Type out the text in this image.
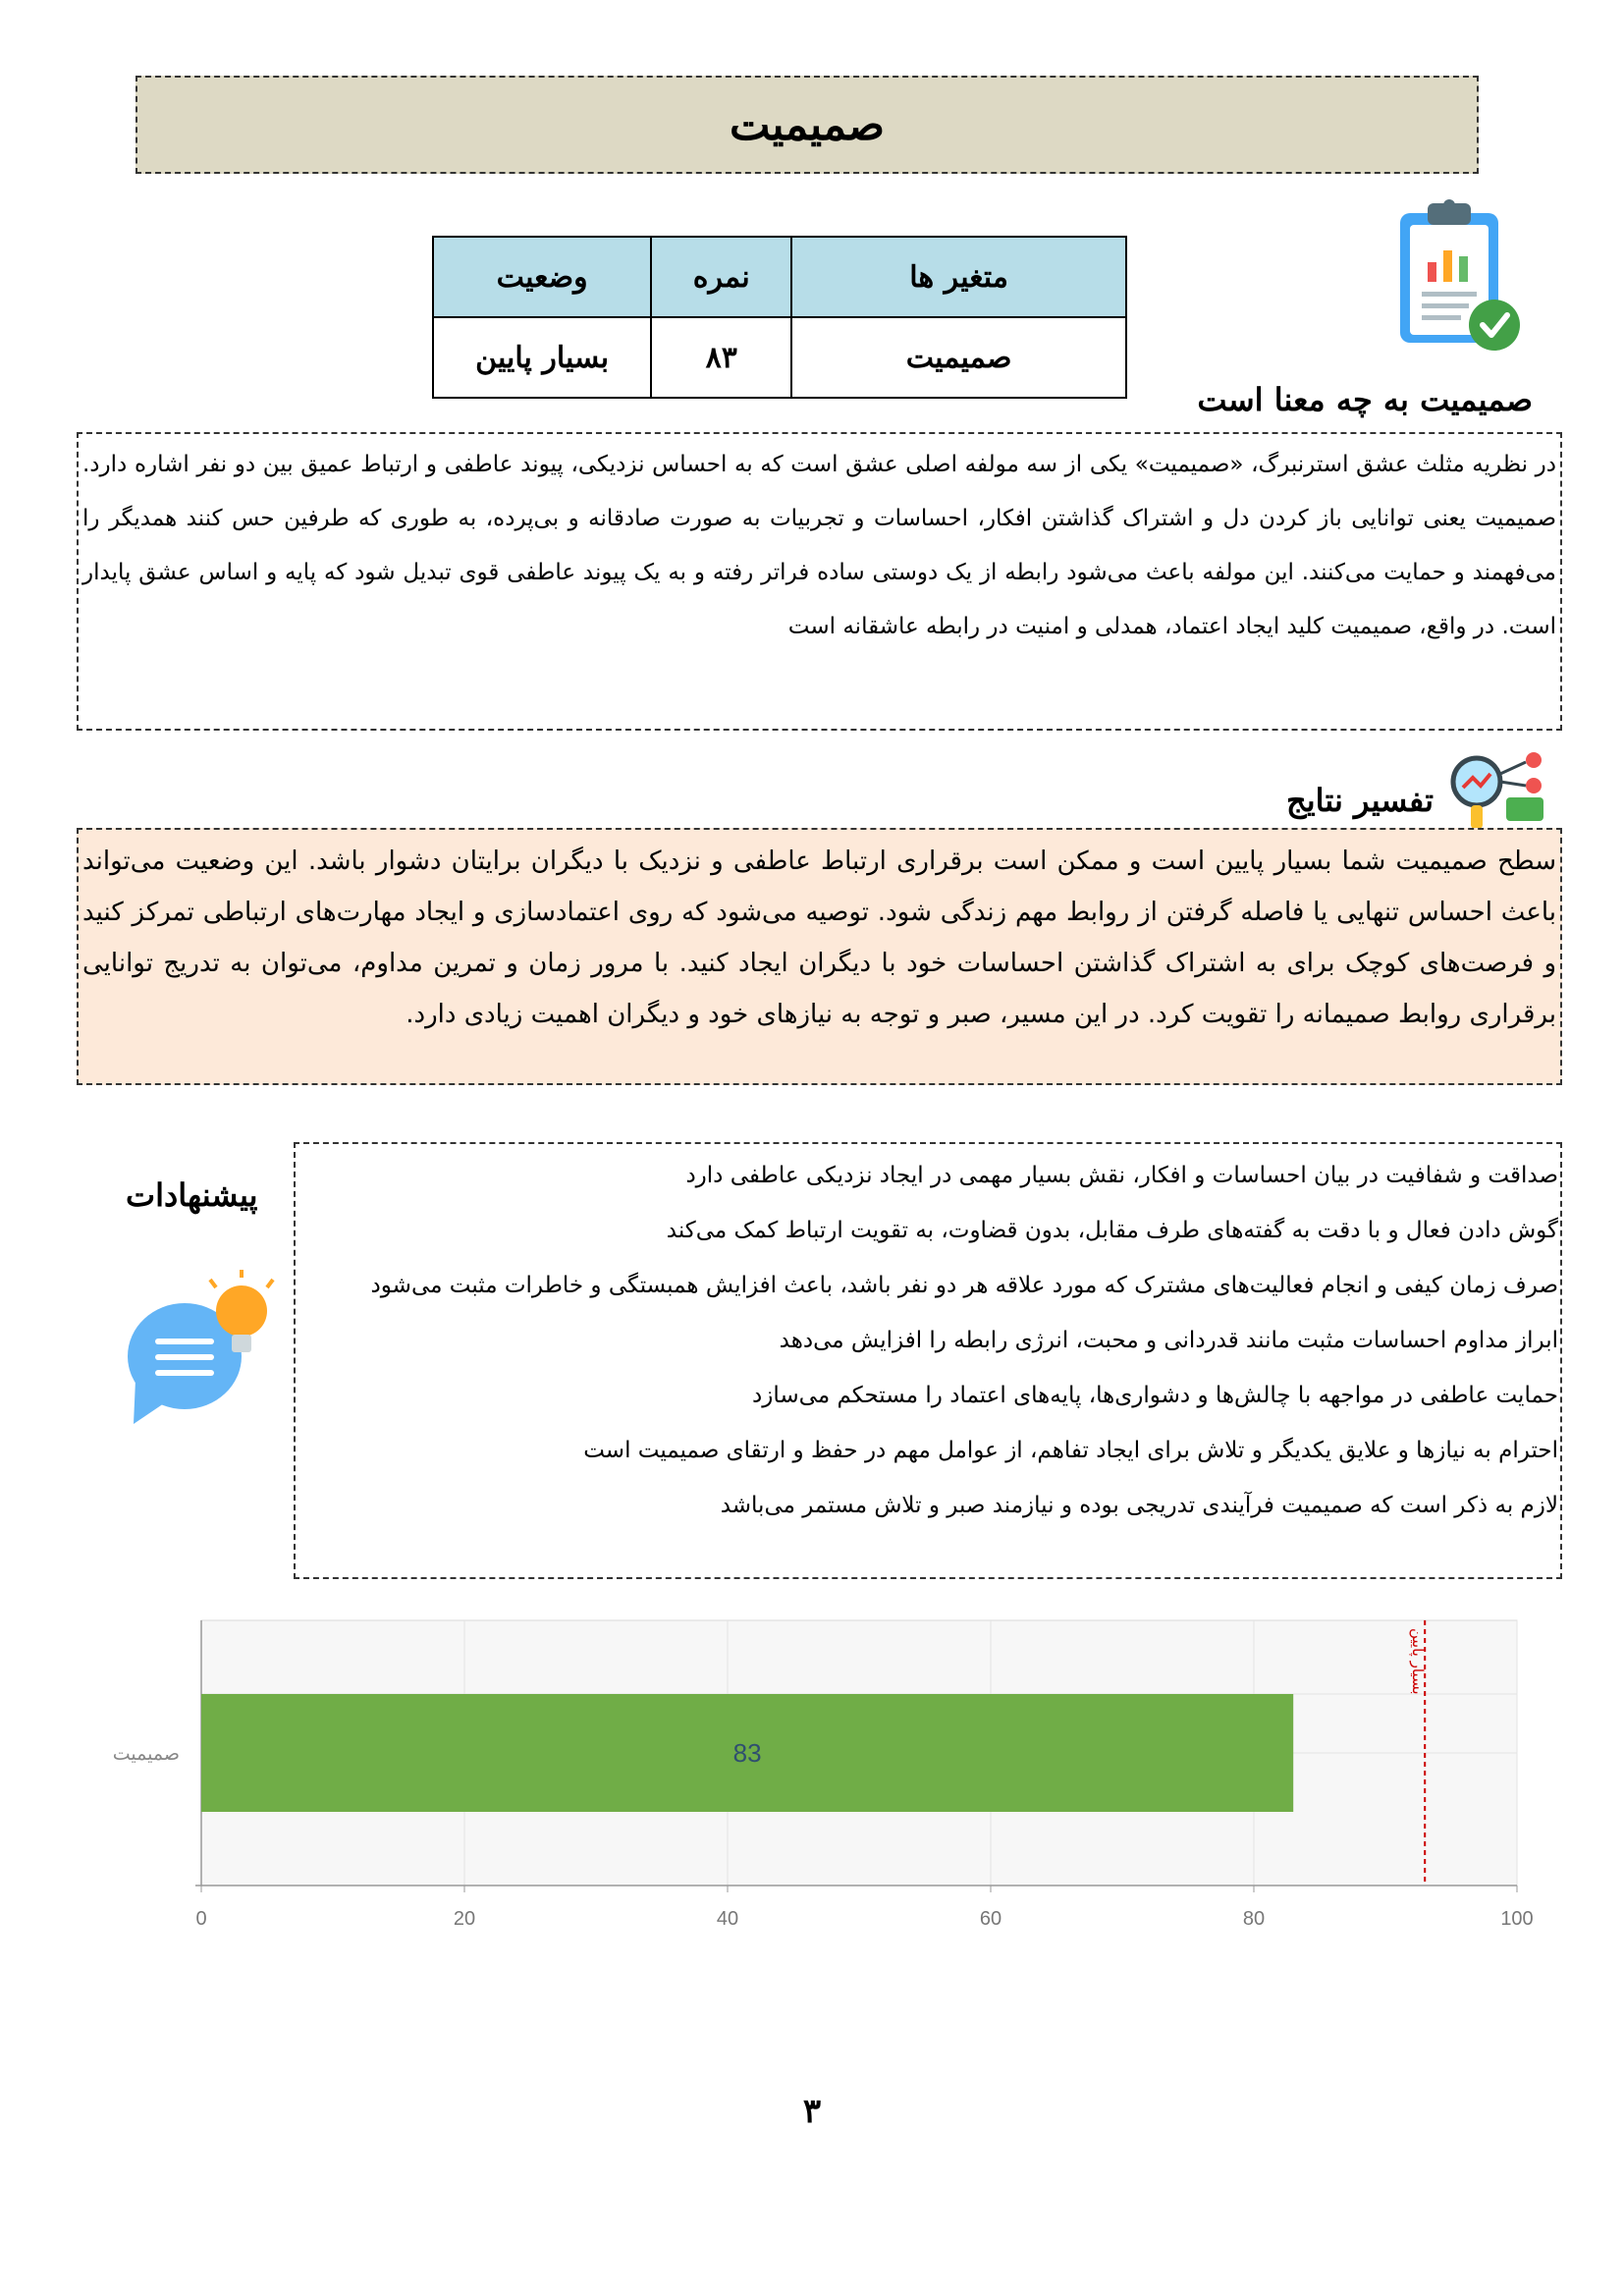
صمیمیت
متغیر ها	نمره	وضعیت
صمیمیت	۸۳	بسیار پایین
صمیمیت به چه معنا است
در نظریه مثلث عشق استرنبرگ، «صمیمیت» یکی از سه مولفه اصلی عشق است که به احساس نزدیکی، پیوند عاطفی و ارتباط عمیق بین دو نفر اشاره دارد. صمیمیت یعنی توانایی باز کردن دل و اشتراک گذاشتن افکار، احساسات و تجربیات به صورت صادقانه و بی‌پرده، به طوری که طرفین حس کنند همدیگر را می‌فهمند و حمایت می‌کنند. این مولفه باعث می‌شود رابطه از یک دوستی ساده فراتر رفته و به یک پیوند عاطفی قوی تبدیل شود که پایه و اساس عشق پایدار است. در واقع، صمیمیت کلید ایجاد اعتماد، همدلی و امنیت در رابطه عاشقانه است
تفسیر نتایج
سطح صمیمیت شما بسیار پایین است و ممکن است برقراری ارتباط عاطفی و نزدیک با دیگران برایتان دشوار باشد. این وضعیت می‌تواند باعث احساس تنهایی یا فاصله گرفتن از روابط مهم زندگی شود. توصیه می‌شود که روی اعتمادسازی و ایجاد مهارت‌های ارتباطی تمرکز کنید و فرصت‌های کوچک برای به اشتراک گذاشتن احساسات خود با دیگران ایجاد کنید. با مرور زمان و تمرین مداوم، می‌توان به تدریج توانایی برقراری روابط صمیمانه را تقویت کرد. در این مسیر، صبر و توجه به نیازهای خود و دیگران اهمیت زیادی دارد.
پیشنهادات
صداقت و شفافیت در بیان احساسات و افکار، نقش بسیار مهمی در ایجاد نزدیکی عاطفی دارد
گوش دادن فعال و با دقت به گفته‌های طرف مقابل، بدون قضاوت، به تقویت ارتباط کمک می‌کند
صرف زمان کیفی و انجام فعالیت‌های مشترک که مورد علاقه هر دو نفر باشد، باعث افزایش همبستگی و خاطرات مثبت می‌شود
ابراز مداوم احساسات مثبت مانند قدردانی و محبت، انرژی رابطه را افزایش می‌دهد
حمایت عاطفی در مواجهه با چالش‌ها و دشواری‌ها، پایه‌های اعتماد را مستحکم می‌سازد
احترام به نیازها و علایق یکدیگر و تلاش برای ایجاد تفاهم، از عوامل مهم در حفظ و ارتقای صمیمیت است
لازم به ذکر است که صمیمیت فرآیندی تدریجی بوده و نیازمند صبر و تلاش مستمر می‌باشد
0	20	40	60	80	100
83
صمیمیت
بسیار پایین
۳
